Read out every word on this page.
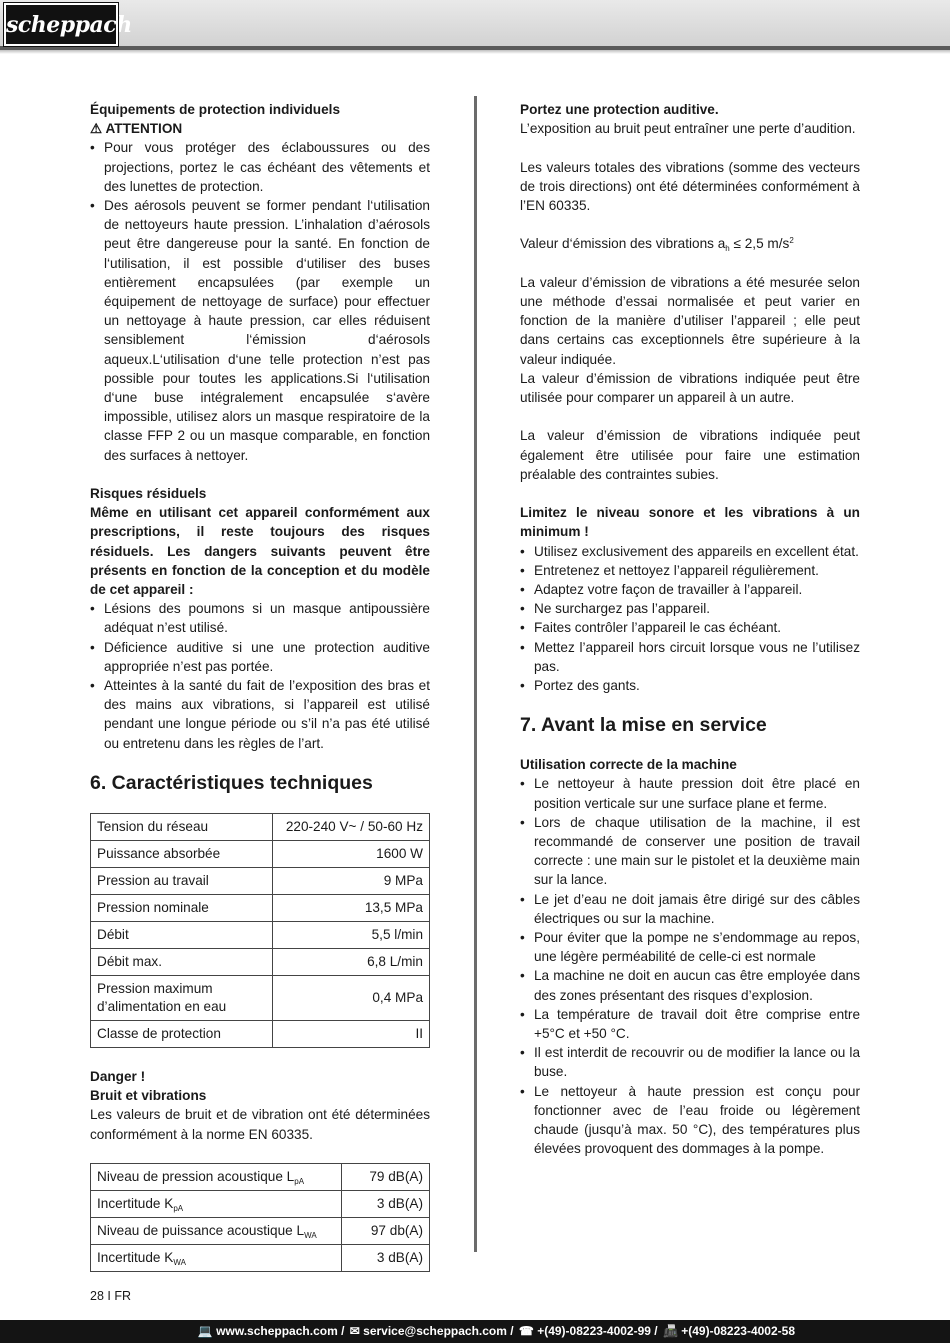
scheppach

Équipements de protection individuels

⚠ ATTENTION

• Pour vous protéger des éclaboussures ou des projections, portez le cas échéant des vêtements et des lunettes de protection.
• Des aérosols peuvent se former pendant l‘utilisation de nettoyeurs haute pression. L’inhalation d’aérosols peut être dangereuse pour la santé. En fonction de l‘utilisation, il est possible d‘utiliser des buses entièrement encapsulées (par exemple un équipement de nettoyage de surface) pour effectuer un nettoyage à haute pression, car elles réduisent sensiblement l‘émission d‘aérosols aqueux.L‘utilisation d‘une telle protection n’est pas possible pour toutes les applications.Si l‘utilisation d‘une buse intégralement encapsulée s‘avère impossible, utilisez alors un masque respiratoire de la classe FFP 2 ou un masque comparable, en fonction des surfaces à nettoyer.

Risques résiduels

Même en utilisant cet appareil conformément aux prescriptions, il reste toujours des risques résiduels. Les dangers suivants peuvent être présents en fonction de la conception et du modèle de cet appareil :

• Lésions des poumons si un masque antipoussière adéquat n’est utilisé.
• Déficience auditive si une une protection auditive appropriée n’est pas portée.
• Atteintes à la santé du fait de l’exposition des bras et des mains aux vibrations, si l’appareil est utilisé pendant une longue période ou s’il n’a pas été utilisé ou entretenu dans les règles de l’art.
6. Caractéristiques techniques
Tension du réseau	220-240 V~ / 50-60 Hz
Puissance absorbée	1600 W
Pression au travail	9 MPa
Pression nominale	13,5 MPa
Débit	5,5 l/min
Débit max.	6,8 L/min
Pression maximum d’alimentation en eau	0,4 MPa
Classe de protection	II

Danger !

Bruit et vibrations

Les valeurs de bruit et de vibration ont été déterminées conformément à la norme EN 60335.

Niveau de pression acoustique $L_{pA}$	79 dB(A)
Incertitude $K_{pA}$	3 dB(A)
Niveau de puissance acoustique $L_{WA}$	97 db(A)
Incertitude $K_{WA}$	3 dB(A)

Portez une protection auditive.

L’exposition au bruit peut entraîner une perte d’audition.

Les valeurs totales des vibrations (somme des vecteurs de trois directions) ont été déterminées conformément à l’EN 60335.

Valeur d‘émission des vibrations $a_h \le 2,5$ $m/s^2$

La valeur d’émission de vibrations a été mesurée selon une méthode d’essai normalisée et peut varier en fonction de la manière d’utiliser l’appareil ; elle peut dans certains cas exceptionnels être supérieure à la valeur indiquée.

La valeur d’émission de vibrations indiquée peut être utilisée pour comparer un appareil à un autre.

La valeur d’émission de vibrations indiquée peut également être utilisée pour faire une estimation préalable des contraintes subies.

Limitez le niveau sonore et les vibrations à un minimum !

• Utilisez exclusivement des appareils en excellent état.
• Entretenez et nettoyez l’appareil régulièrement.
• Adaptez votre façon de travailler à l’appareil.
• Ne surchargez pas l’appareil.
• Faites contrôler l’appareil le cas échéant.
• Mettez l’appareil hors circuit lorsque vous ne l’utilisez pas.
• Portez des gants.
7. Avant la mise en service

Utilisation correcte de la machine

• Le nettoyeur à haute pression doit être placé en position verticale sur une surface plane et ferme.
• Lors de chaque utilisation de la machine, il est recommandé de conserver une position de travail correcte : une main sur le pistolet et la deuxième main sur la lance.
• Le jet d’eau ne doit jamais être dirigé sur des câbles électriques ou sur la machine.
• Pour éviter que la pompe ne s’endommage au repos, une légère perméabilité de celle-ci est normale
• La machine ne doit en aucun cas être employée dans des zones présentant des risques d’explosion.
• La température de travail doit être comprise entre +5°C et +50 °C.
• Il est interdit de recouvrir ou de modifier la lance ou la buse.
• Le nettoyeur à haute pression est conçu pour fonctionner avec de l’eau froide ou légèrement chaude (jusqu’à max. 50 °C), des températures plus élevées provoquent des dommages à la pompe.
28 I FR
💻 www.scheppach.com / ✉ service@scheppach.com / ☎ +(49)-08223-4002-99 / 📠 +(49)-08223-4002-58
